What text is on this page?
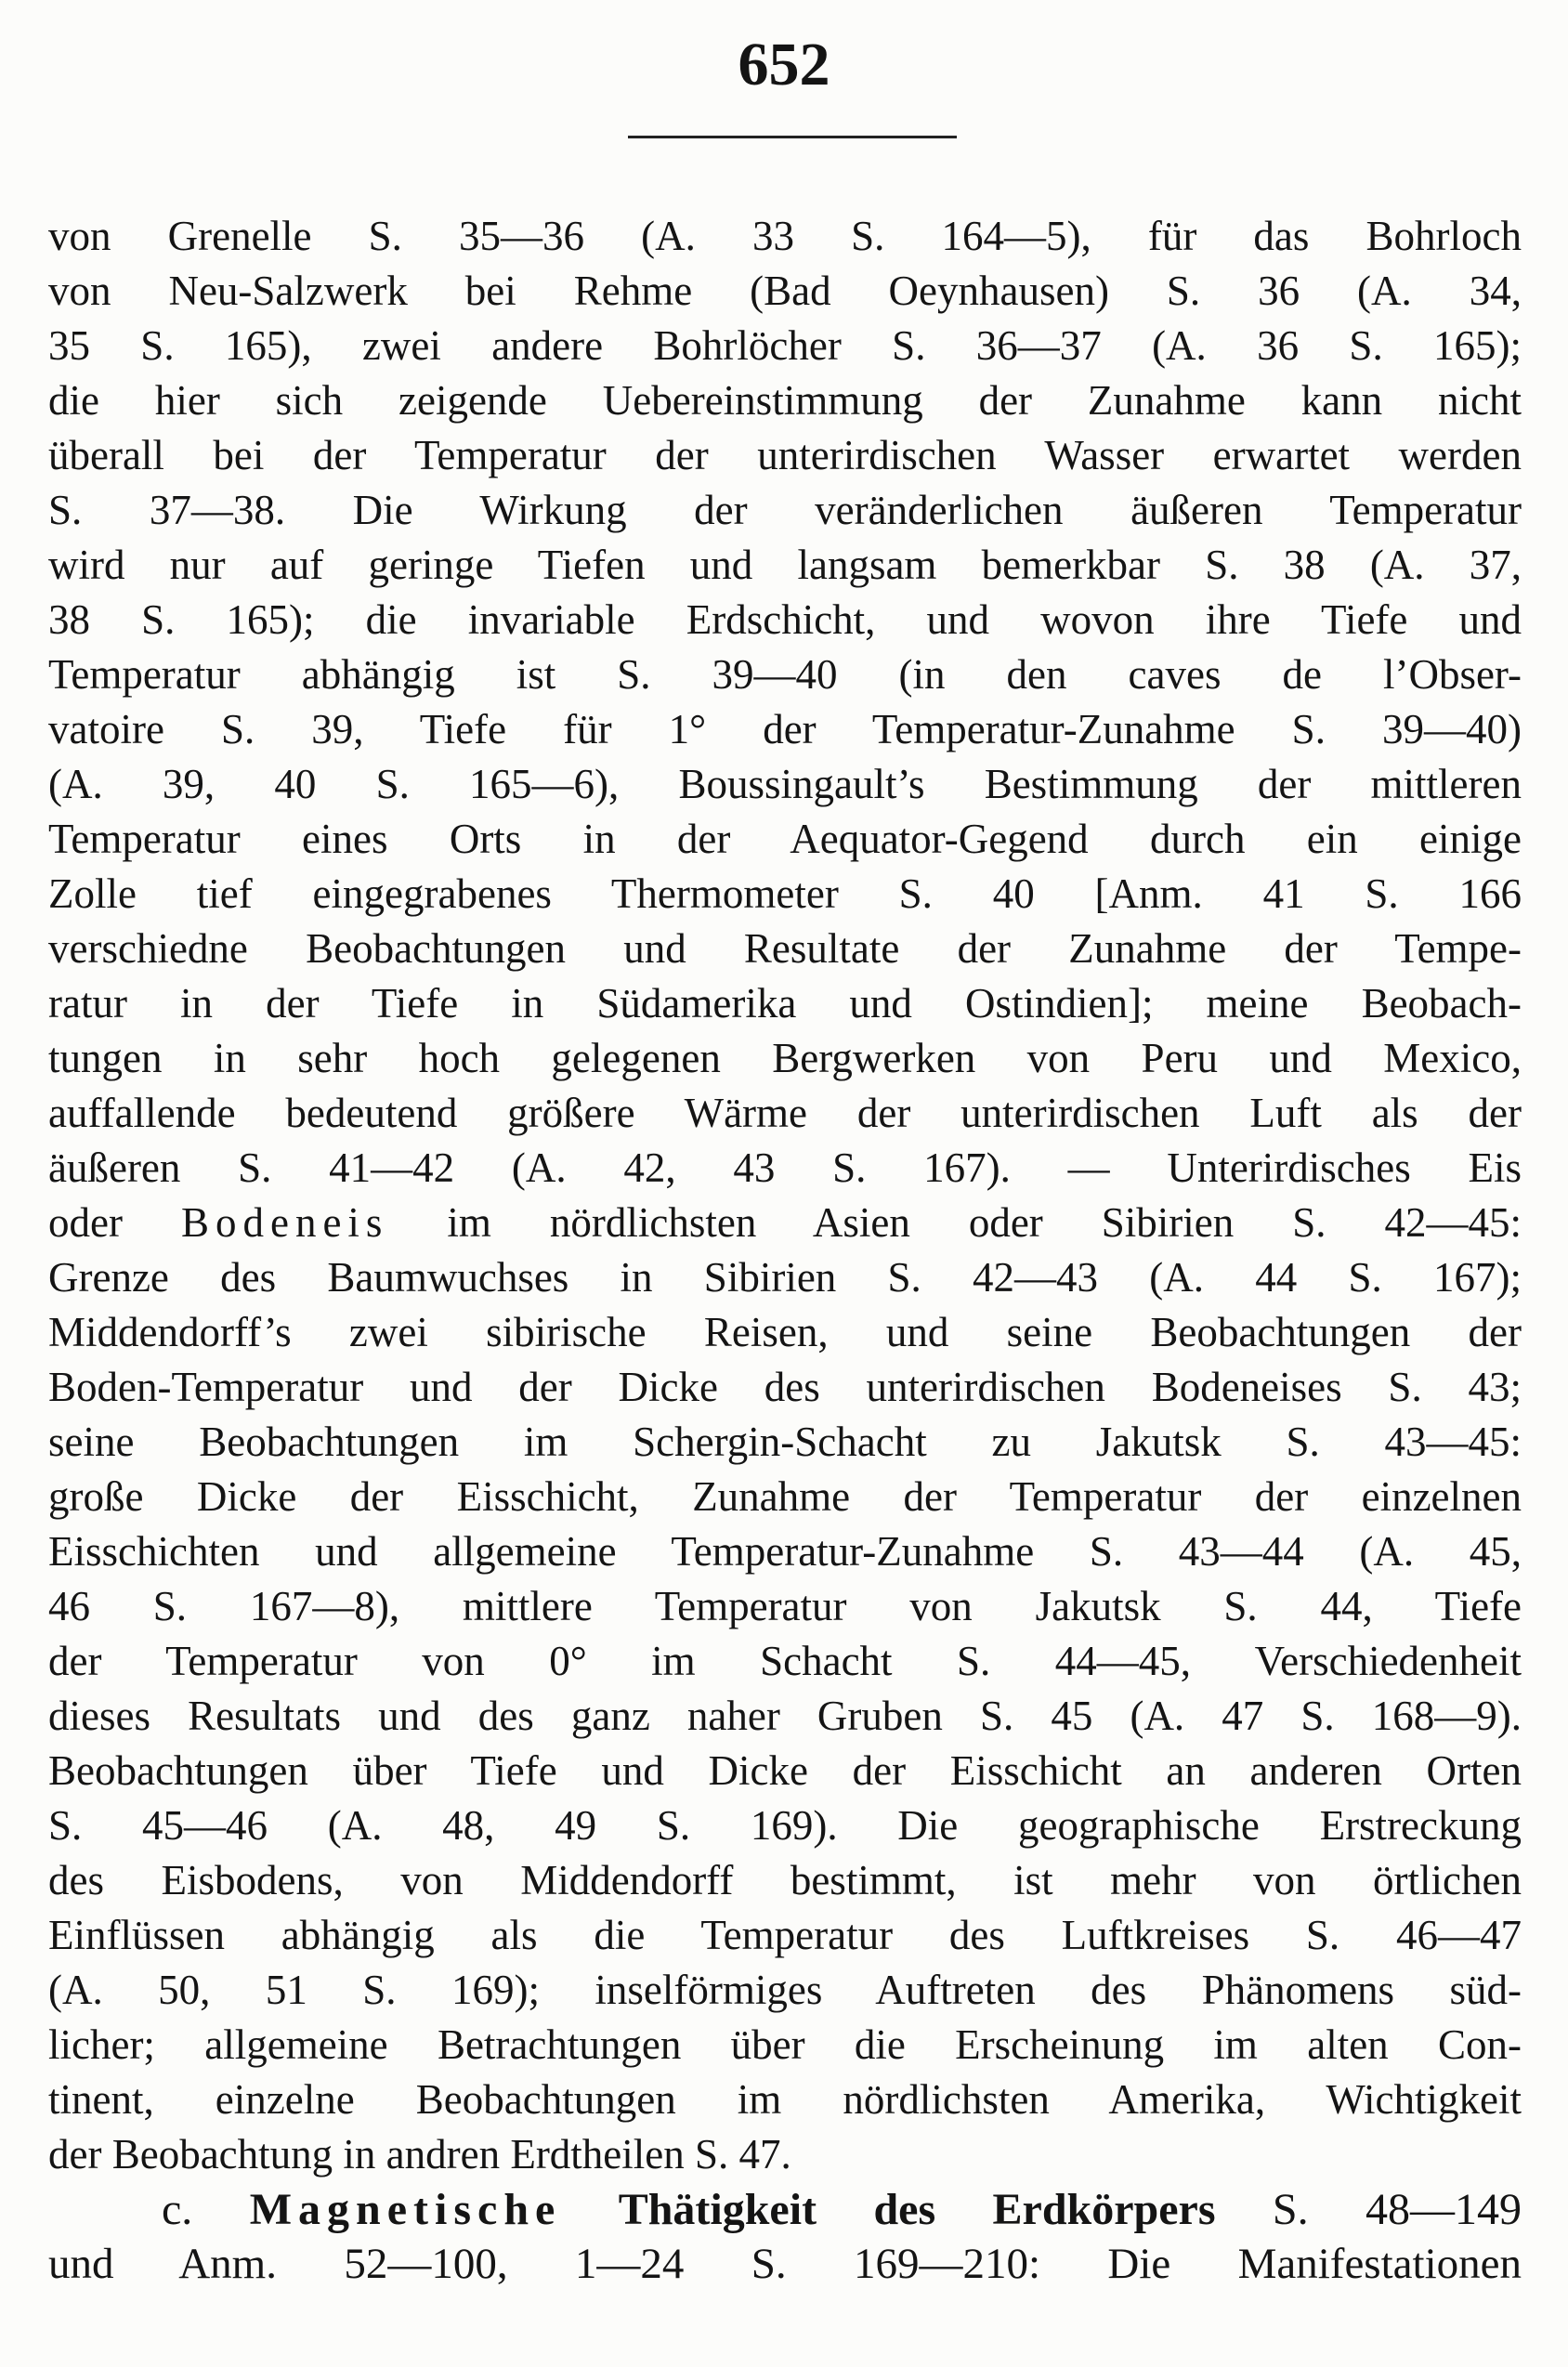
652
von Grenelle S. 35—36 (A. 33 S. 164—5), für das Bohrloch
von Neu-Salzwerk bei Rehme (Bad Oeynhausen) S. 36 (A. 34,
35 S. 165), zwei andere Bohrlöcher S. 36—37 (A. 36 S. 165);
die hier sich zeigende Uebereinstimmung der Zunahme kann nicht
überall bei der Temperatur der unterirdischen Wasser erwartet werden
S. 37—38. Die Wirkung der veränderlichen äußeren Temperatur
wird nur auf geringe Tiefen und langsam bemerkbar S. 38 (A. 37,
38 S. 165); die invariable Erdschicht, und wovon ihre Tiefe und
Temperatur abhängig ist S. 39—40 (in den caves de l’Obser-
vatoire S. 39, Tiefe für 1° der Temperatur-Zunahme S. 39—40)
(A. 39, 40 S. 165—6), Boussingault’s Bestimmung der mittleren
Temperatur eines Orts in der Aequator-Gegend durch ein einige
Zolle tief eingegrabenes Thermometer S. 40 [Anm. 41 S. 166
verschiedne Beobachtungen und Resultate der Zunahme der Tempe-
ratur in der Tiefe in Südamerika und Ostindien]; meine Beobach-
tungen in sehr hoch gelegenen Bergwerken von Peru und Mexico,
auffallende bedeutend größere Wärme der unterirdischen Luft als der
äußeren S. 41—42 (A. 42, 43 S. 167). — Unterirdisches Eis
oder Bodeneis im nördlichsten Asien oder Sibirien S. 42—45:
Grenze des Baumwuchses in Sibirien S. 42—43 (A. 44 S. 167);
Middendorff’s zwei sibirische Reisen, und seine Beobachtungen der
Boden-Temperatur und der Dicke des unterirdischen Bodeneises S. 43;
seine Beobachtungen im Schergin-Schacht zu Jakutsk S. 43—45:
große Dicke der Eisschicht, Zunahme der Temperatur der einzelnen
Eisschichten und allgemeine Temperatur-Zunahme S. 43—44 (A. 45,
46 S. 167—8), mittlere Temperatur von Jakutsk S. 44, Tiefe
der Temperatur von 0° im Schacht S. 44—45, Verschiedenheit
dieses Resultats und des ganz naher Gruben S. 45 (A. 47 S. 168—9).
Beobachtungen über Tiefe und Dicke der Eisschicht an anderen Orten
S. 45—46 (A. 48, 49 S. 169). Die geographische Erstreckung
des Eisbodens, von Middendorff bestimmt, ist mehr von örtlichen
Einflüssen abhängig als die Temperatur des Luftkreises S. 46—47
(A. 50, 51 S. 169); inselförmiges Auftreten des Phänomens süd-
licher; allgemeine Betrachtungen über die Erscheinung im alten Con-
tinent, einzelne Beobachtungen im nördlichsten Amerika, Wichtigkeit
der Beobachtung in andren Erdtheilen S. 47.
c. Magnetische Thätigkeit des Erdkörpers S. 48—149
und Anm. 52—100, 1—24 S. 169—210: Die Manifestationen
